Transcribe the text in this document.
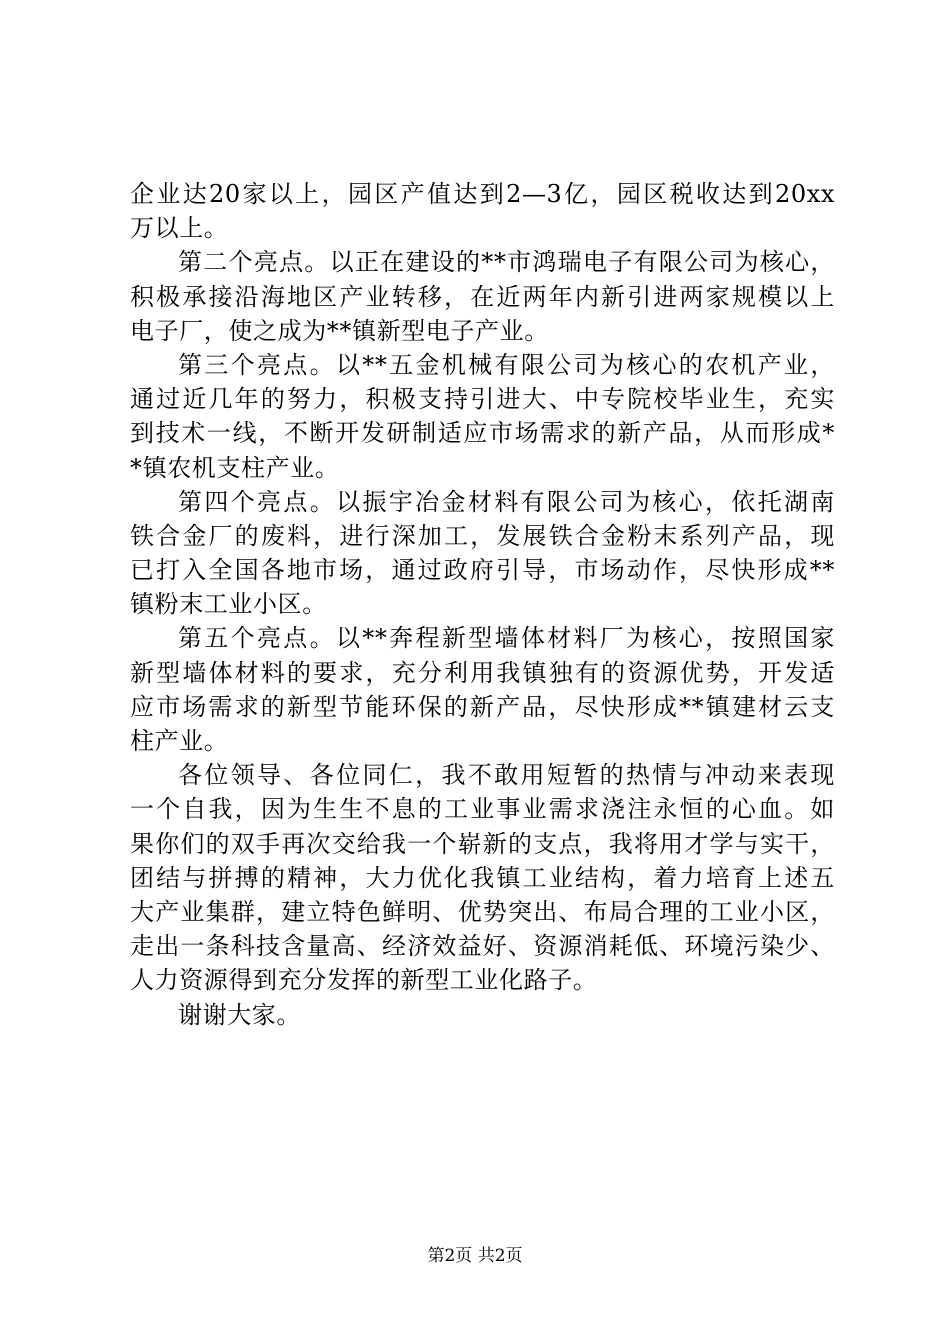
企业达20家以上，园区产值达到2—3亿，园区税收达到20xx
万以上。
第二个亮点。以正在建设的**市鸿瑞电子有限公司为核心，
积极承接沿海地区产业转移，在近两年内新引进两家规模以上
电子厂，使之成为**镇新型电子产业。
第三个亮点。以**五金机械有限公司为核心的农机产业，
通过近几年的努力，积极支持引进大、中专院校毕业生，充实
到技术一线，不断开发研制适应市场需求的新产品，从而形成*
*镇农机支柱产业。
第四个亮点。以振宇冶金材料有限公司为核心，依托湖南
铁合金厂的废料，进行深加工，发展铁合金粉末系列产品，现
已打入全国各地市场，通过政府引导，市场动作，尽快形成**
镇粉末工业小区。
第五个亮点。以**奔程新型墙体材料厂为核心，按照国家
新型墙体材料的要求，充分利用我镇独有的资源优势，开发适
应市场需求的新型节能环保的新产品，尽快形成**镇建材云支
柱产业。
各位领导、各位同仁，我不敢用短暂的热情与冲动来表现
一个自我，因为生生不息的工业事业需求浇注永恒的心血。如
果你们的双手再次交给我一个崭新的支点，我将用才学与实干，
团结与拼搏的精神，大力优化我镇工业结构，着力培育上述五
大产业集群，建立特色鲜明、优势突出、布局合理的工业小区，
走出一条科技含量高、经济效益好、资源消耗低、环境污染少、
人力资源得到充分发挥的新型工业化路子。
谢谢大家。
第2页 共2页
